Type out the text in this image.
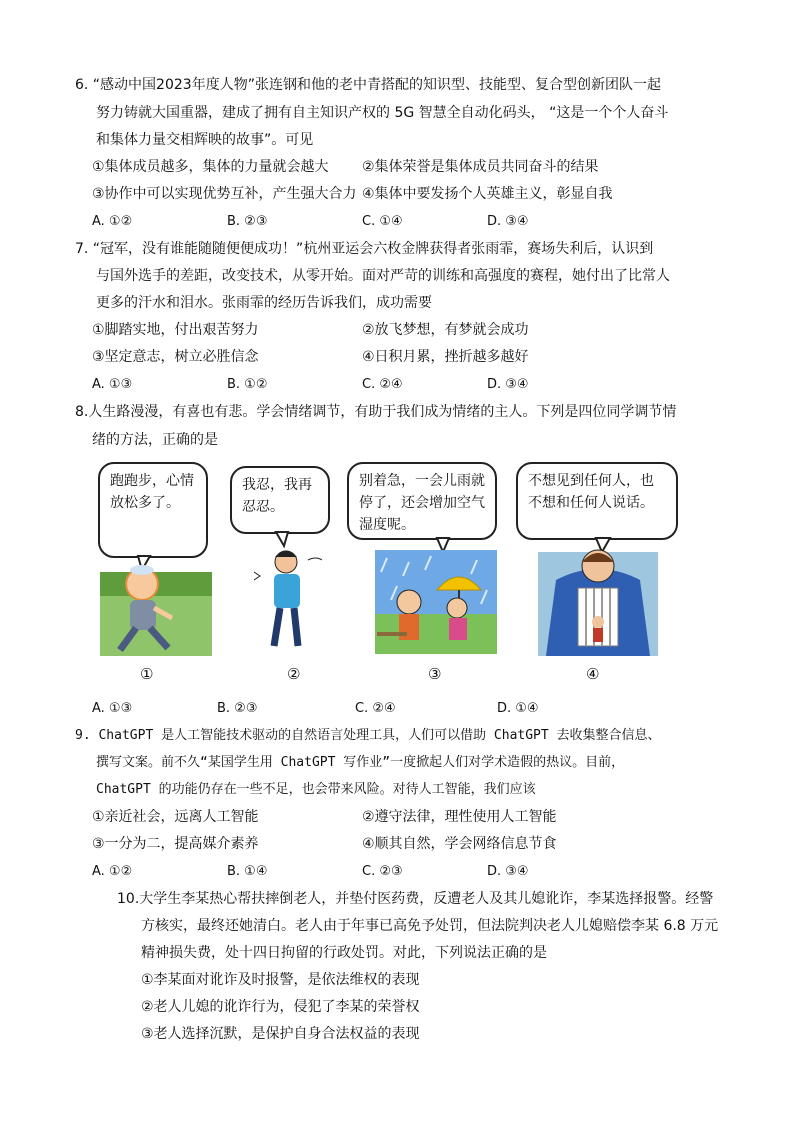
6. “感动中国2023年度人物”张连钢和他的老中青搭配的知识型、技能型、复合型创新团队一起
努力铸就大国重器，建成了拥有自主知识产权的 5G 智慧全自动化码头， “这是一个个人奋斗
和集体力量交相辉映的故事”。可见
①集体成员越多，集体的力量就会越大 ②集体荣誉是集体成员共同奋斗的结果
③协作中可以实现优势互补，产生强大合力 ④集体中要发扬个人英雄主义，彰显自我
A. ①②	B. ②③	C. ①④	D. ③④
7. “冠军，没有谁能随随便便成功！”杭州亚运会六枚金牌获得者张雨霏，赛场失利后，认识到
与国外选手的差距，改变技术，从零开始。面对严苛的训练和高强度的赛程，她付出了比常人
更多的汗水和泪水。张雨霏的经历告诉我们，成功需要
①脚踏实地，付出艰苦努力	②放飞梦想，有梦就会成功
③坚定意志，树立必胜信念	④日积月累，挫折越多越好
A. ①③	B. ①②	C. ②④	D. ③④
8.人生路漫漫，有喜也有悲。学会情绪调节，有助于我们成为情绪的主人。下列是四位同学调节情
绪的方法，正确的是
跑跑步，心情放松多了。
我忍，我再忍忍。
别着急，一会儿雨就停了，还会增加空气湿度呢。
不想见到任何人，也不想和任何人说话。
①	②	③	④
A. ①③	B. ②③	C. ②④	D. ①④
9. ChatGPT 是人工智能技术驱动的自然语言处理工具，人们可以借助 ChatGPT 去收集整合信息、
撰写文案。前不久“某国学生用 ChatGPT 写作业”一度掀起人们对学术造假的热议。目前，
ChatGPT 的功能仍存在一些不足，也会带来风险。对待人工智能，我们应该
①亲近社会，远离人工智能	②遵守法律，理性使用人工智能
③一分为二，提高媒介素养	④顺其自然，学会网络信息节食
A. ①②	B. ①④	C. ②③	D. ③④
10.大学生李某热心帮扶摔倒老人，并垫付医药费，反遭老人及其儿媳讹诈，李某选择报警。经警
方核实，最终还她清白。老人由于年事已高免予处罚，但法院判决老人儿媳赔偿李某 6.8 万元
精神损失费，处十四日拘留的行政处罚。对此，下列说法正确的是
①李某面对讹诈及时报警，是依法维权的表现
②老人儿媳的讹诈行为，侵犯了李某的荣誉权
③老人选择沉默，是保护自身合法权益的表现
